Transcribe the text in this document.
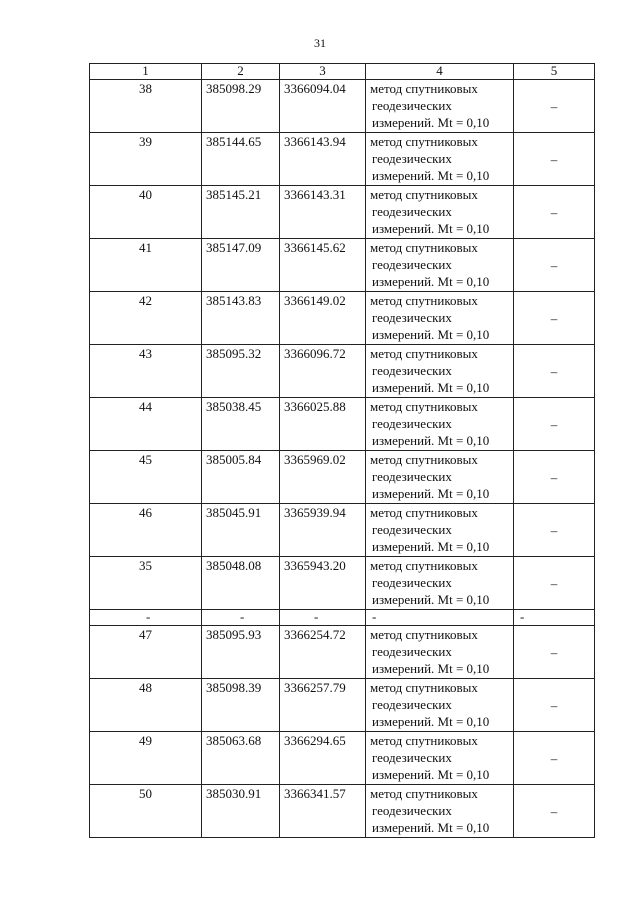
31
1	2	3	4	5
38	385098.29	3366094.04	метод спутниковых
геодезических
измерений. Mt = 0,10	–
39	385144.65	3366143.94	метод спутниковых
геодезических
измерений. Mt = 0,10	–
40	385145.21	3366143.31	метод спутниковых
геодезических
измерений. Mt = 0,10	–
41	385147.09	3366145.62	метод спутниковых
геодезических
измерений. Mt = 0,10	–
42	385143.83	3366149.02	метод спутниковых
геодезических
измерений. Mt = 0,10	–
43	385095.32	3366096.72	метод спутниковых
геодезических
измерений. Mt = 0,10	–
44	385038.45	3366025.88	метод спутниковых
геодезических
измерений. Mt = 0,10	–
45	385005.84	3365969.02	метод спутниковых
геодезических
измерений. Mt = 0,10	–
46	385045.91	3365939.94	метод спутниковых
геодезических
измерений. Mt = 0,10	–
35	385048.08	3365943.20	метод спутниковых
геодезических
измерений. Mt = 0,10	–
-	-	-	-	-
47	385095.93	3366254.72	метод спутниковых
геодезических
измерений. Mt = 0,10	–
48	385098.39	3366257.79	метод спутниковых
геодезических
измерений. Mt = 0,10	–
49	385063.68	3366294.65	метод спутниковых
геодезических
измерений. Mt = 0,10	–
50	385030.91	3366341.57	метод спутниковых
геодезических
измерений. Mt = 0,10	–
